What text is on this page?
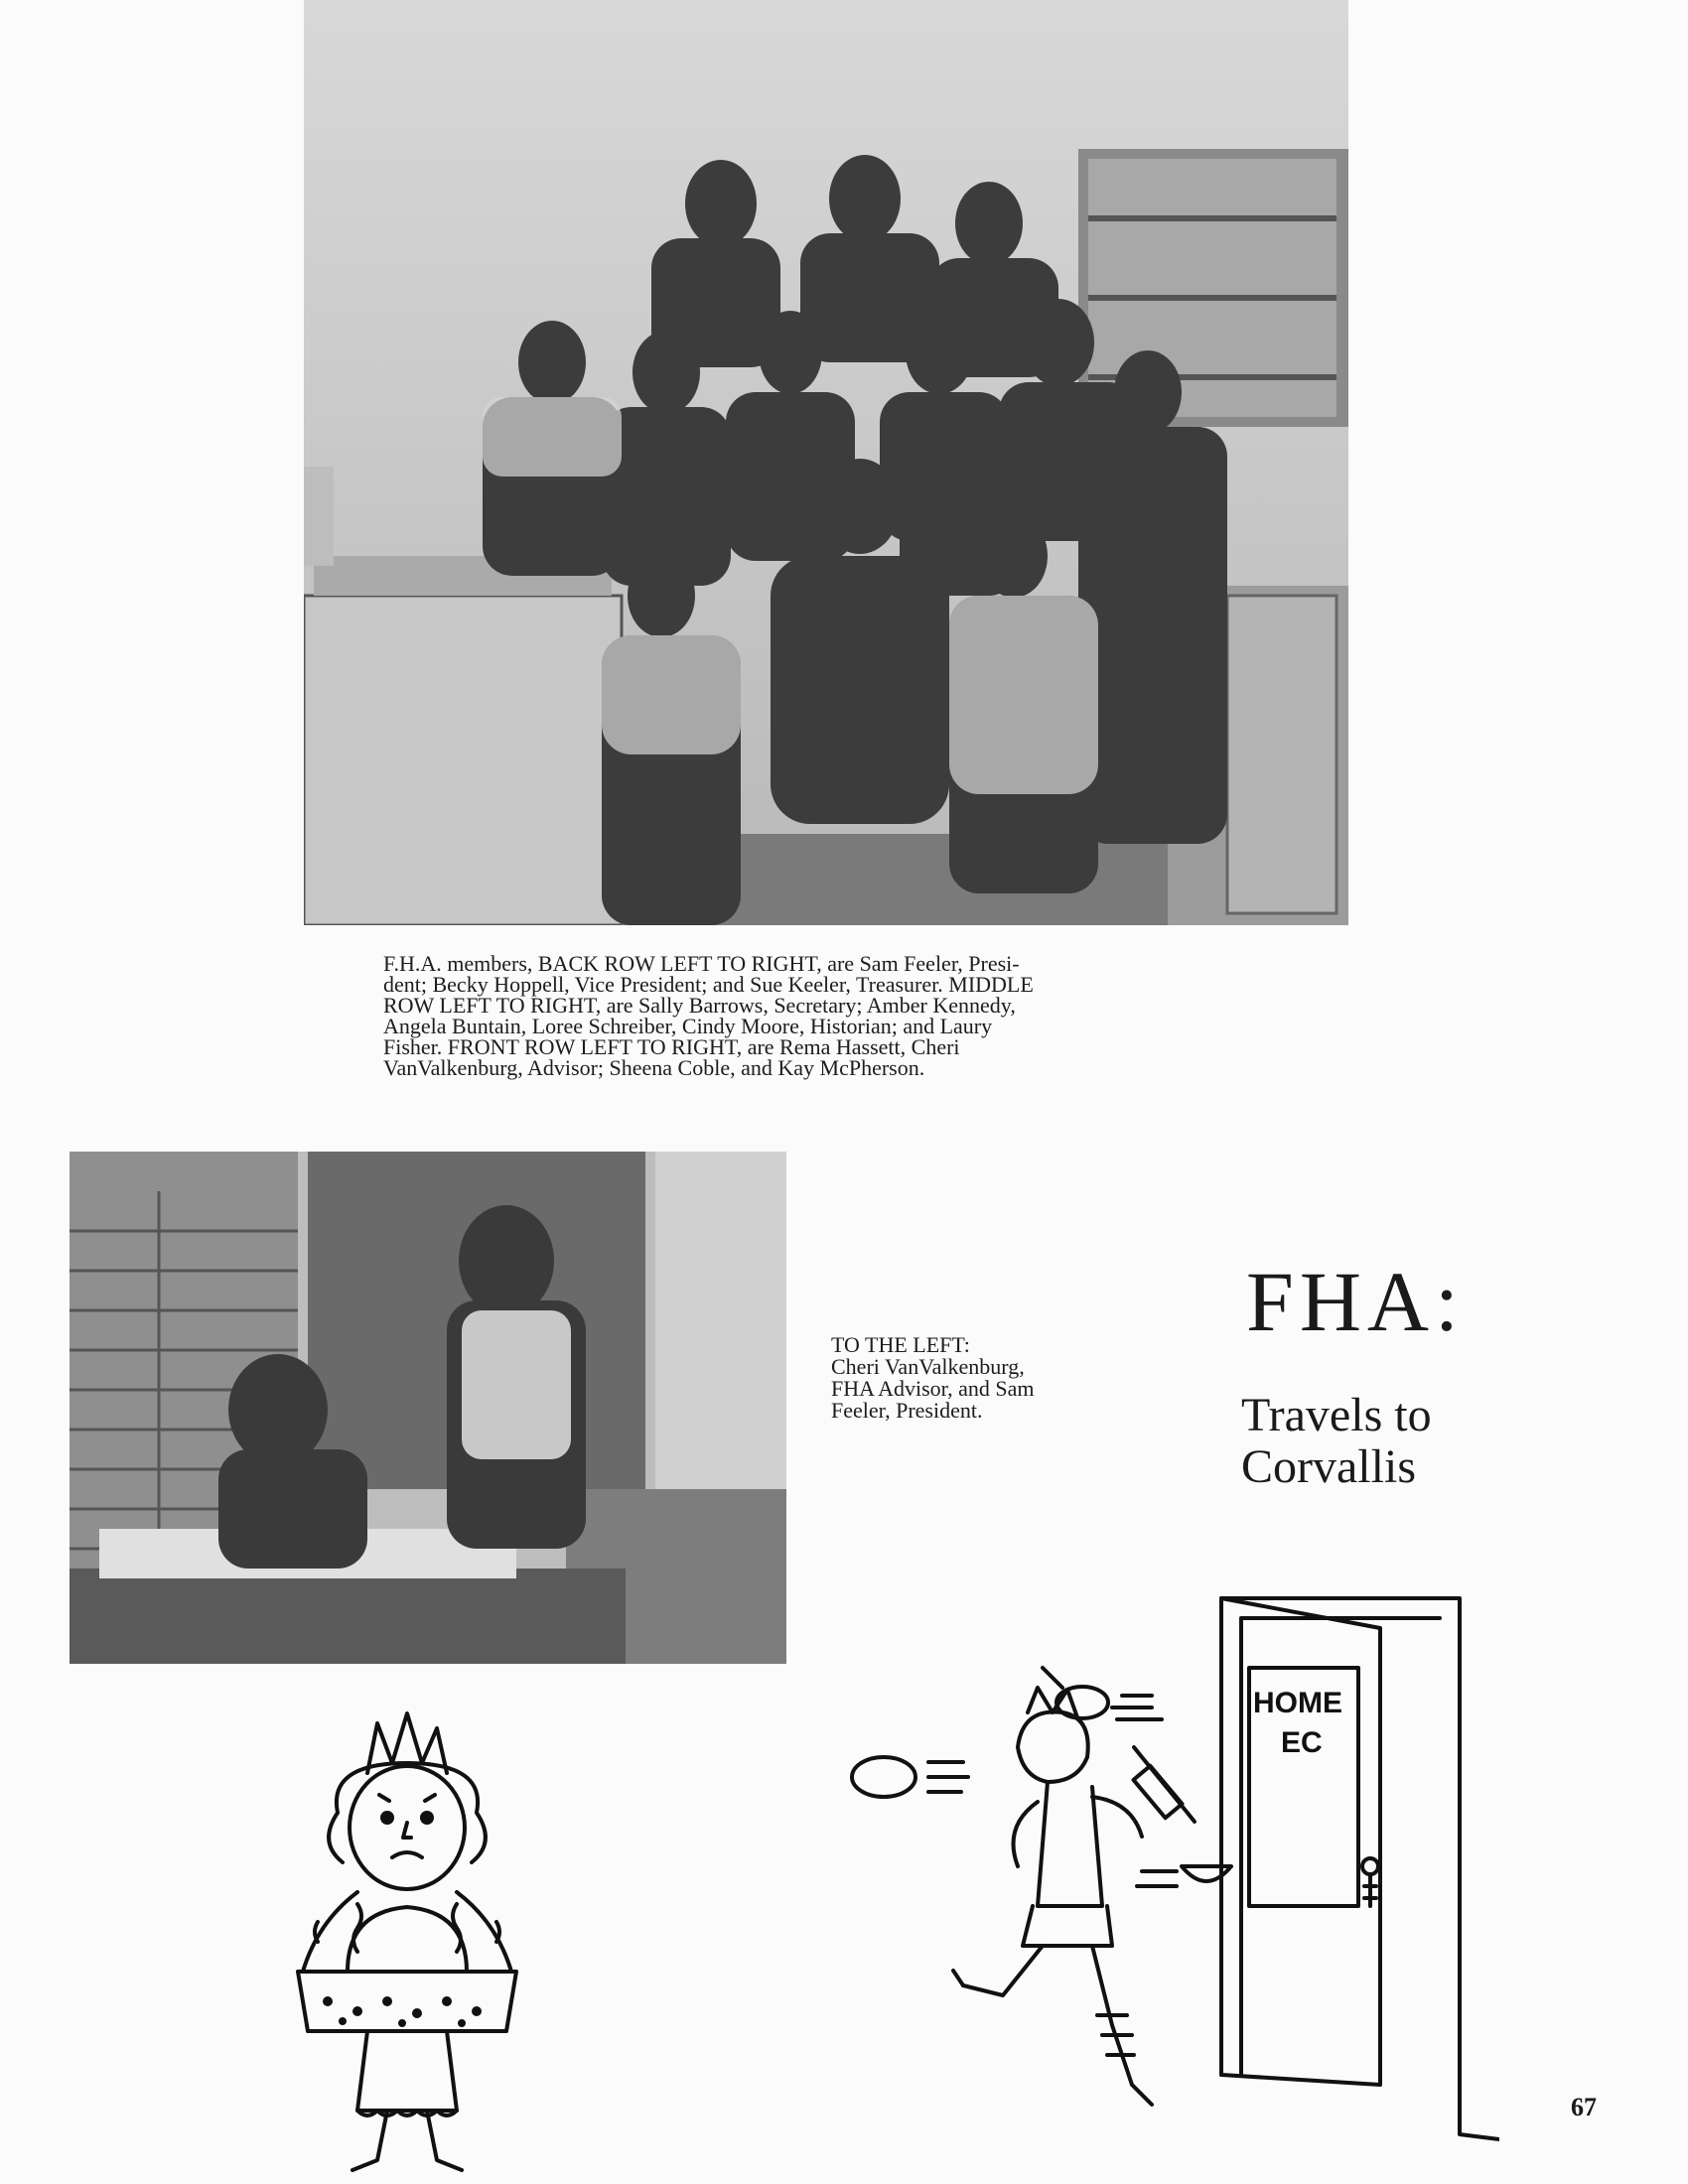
F.H.A. members, BACK ROW LEFT TO RIGHT, are Sam Feeler, Presi-
dent; Becky Hoppell, Vice President; and Sue Keeler, Treasurer. MIDDLE
ROW LEFT TO RIGHT, are Sally Barrows, Secretary; Amber Kennedy,
Angela Buntain, Loree Schreiber, Cindy Moore, Historian; and Laury
Fisher. FRONT ROW LEFT TO RIGHT, are Rema Hassett, Cheri
VanValkenburg, Advisor; Sheena Coble, and Kay McPherson.

TO THE LEFT:
Cheri VanValkenburg,
FHA Advisor, and Sam
Feeler, President.

FHA:

Travels to
Corvallis

HOME
EC

67
